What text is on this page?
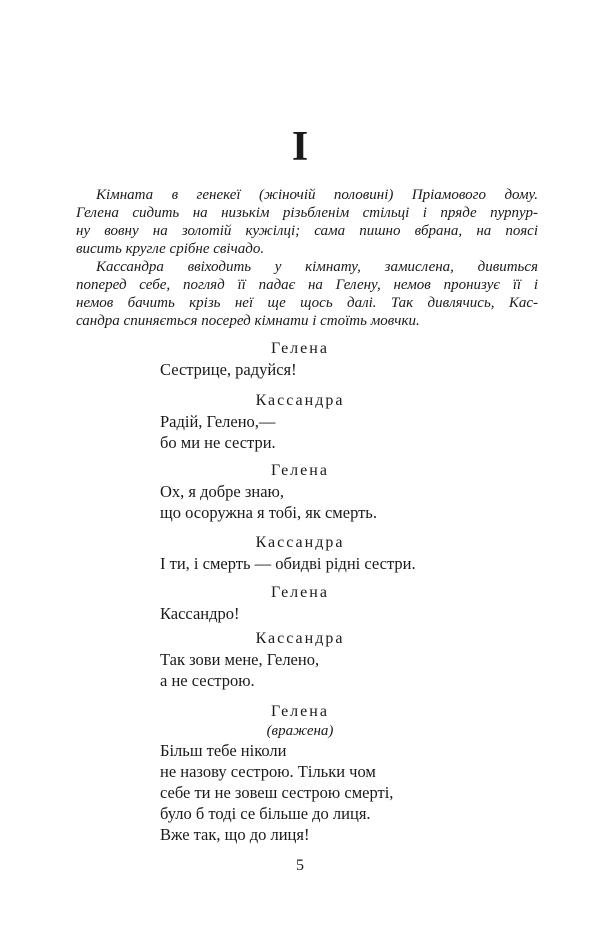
I
Кімната в генекеї (жіночій половині) Пріамового дому.
Гелена сидить на низькім різьбленім стільці і пряде пурпур-
ну вовну на золотій кужілці; сама пишно вбрана, на поясі
висить кругле срібне свічадо.
Кассандра ввіходить у кімнату, замислена, дивиться
поперед себе, погляд її падає на Гелену, немов пронизує її і
немов бачить крізь неї ще щось далі. Так дивлячись, Кас-
сандра спиняється посеред кімнати і стоїть мовчки.
Гелена
Сестрице, радуйся!
Кассандра
Радій, Гелено,—
бо ми не сестри.
Гелена
Ох, я добре знаю,
що осоружна я тобі, як смерть.
Кассандра
І ти, і смерть — обидві рідні сестри.
Гелена
Кассандро!
Кассандра
Так зови мене, Гелено,
а не сестрою.
Гелена
(вражена)
Більш тебе ніколи
не назову сестрою. Тільки чом
себе ти не зовеш сестрою смерті,
було б тоді се більше до лиця.
Вже так, що до лиця!
5
